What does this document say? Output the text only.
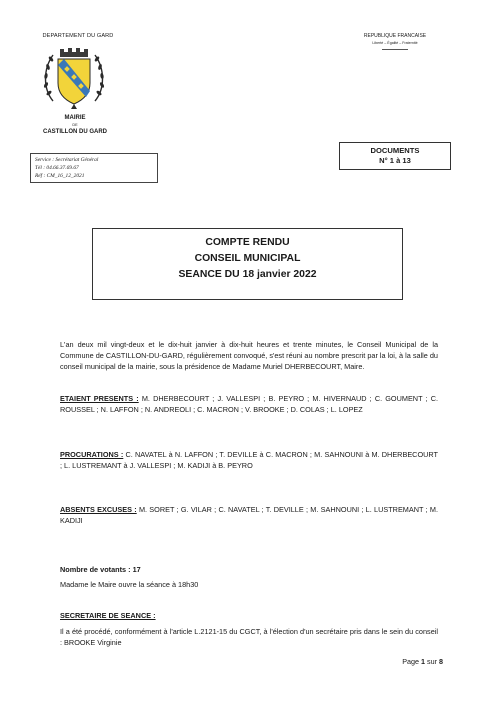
DEPARTEMENT DU GARD
MAIRIE
DE
CASTILLON DU GARD
REPUBLIQUE FRANCAISE
Liberté – Égalité – Fraternité
Service : Secrétariat Général
Tél : 04.66.37.69.67
Réf : CM_16_12_2021
DOCUMENTS
N° 1 à 13
COMPTE RENDU
CONSEIL MUNICIPAL
SEANCE DU 18 janvier 2022
L'an deux mil vingt-deux et le dix-huit janvier à dix-huit heures et trente minutes, le Conseil Municipal de la Commune de CASTILLON-DU-GARD, régulièrement convoqué, s'est réuni au nombre prescrit par la loi, à la salle du conseil municipal de la mairie, sous la présidence de Madame Muriel DHERBECOURT, Maire.
ETAIENT PRESENTS : M. DHERBECOURT ; J. VALLESPI ; B. PEYRO ; M. HIVERNAUD ; C. GOUMENT ; C. ROUSSEL ; N. LAFFON ; N. ANDREOLI ; C. MACRON ; V. BROOKE ; D. COLAS ; L. LOPEZ
PROCURATIONS : C. NAVATEL à N. LAFFON ; T. DEVILLE à C. MACRON ; M. SAHNOUNI à M. DHERBECOURT ; L. LUSTREMANT à J. VALLESPI ; M. KADIJI à B. PEYRO
ABSENTS EXCUSES : M. SORET ; G. VILAR ; C. NAVATEL ; T. DEVILLE ; M. SAHNOUNI ; L. LUSTREMANT ; M. KADIJI
Nombre de votants : 17
Madame le Maire ouvre la séance à 18h30
SECRETAIRE DE SEANCE :
Il a été procédé, conformément à l'article L.2121-15 du CGCT, à l'élection d'un secrétaire pris dans le sein du conseil : BROOKE Virginie
Page 1 sur 8
